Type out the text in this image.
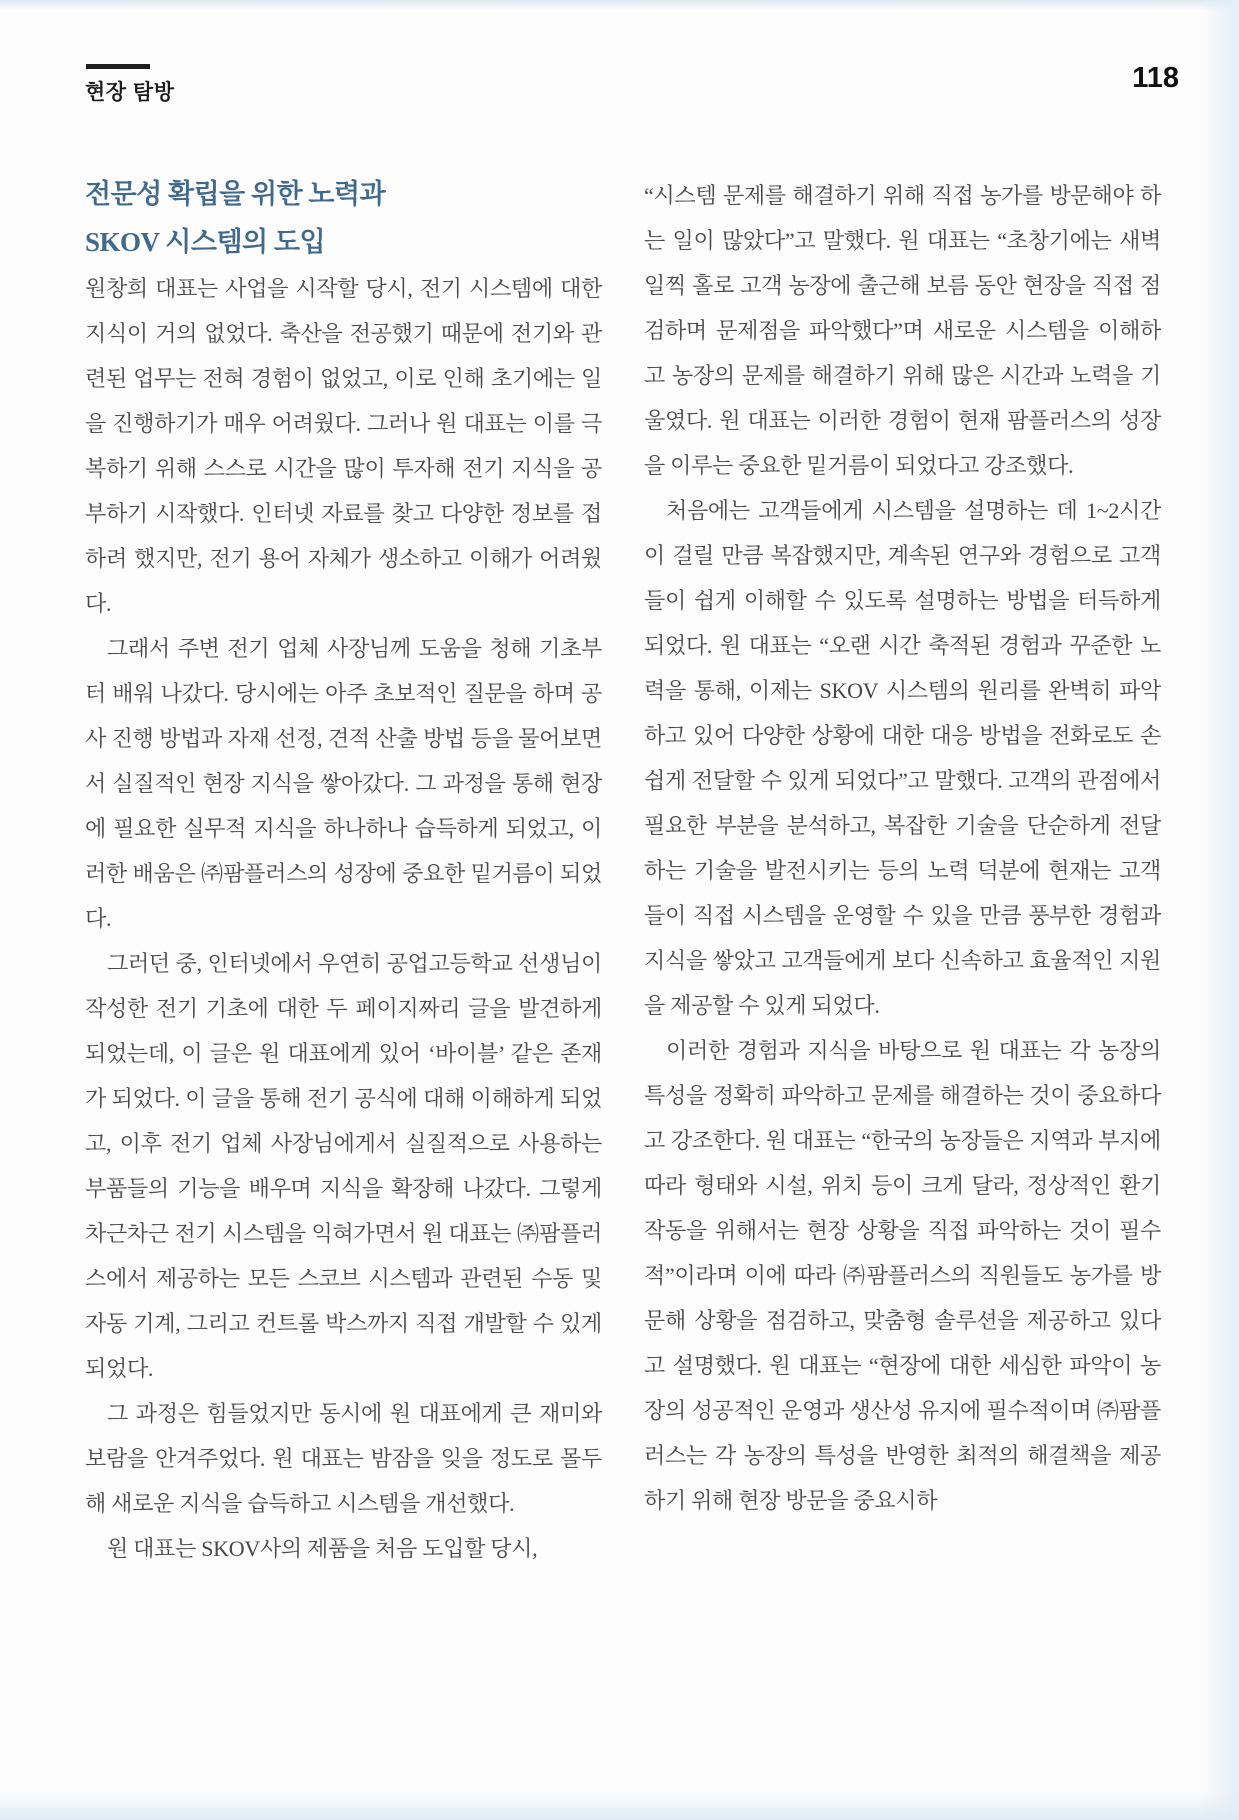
현장 탐방	118
전문성 확립을 위한 노력과
SKOV 시스템의 도입

원창희 대표는 사업을 시작할 당시, 전기 시스템에 대한 지식이 거의 없었다. 축산을 전공했기 때문에 전기와 관련된 업무는 전혀 경험이 없었고, 이로 인해 초기에는 일을 진행하기가 매우 어려웠다. 그러나 원 대표는 이를 극복하기 위해 스스로 시간을 많이 투자해 전기 지식을 공부하기 시작했다. 인터넷 자료를 찾고 다양한 정보를 접하려 했지만, 전기 용어 자체가 생소하고 이해가 어려웠다.

그래서 주변 전기 업체 사장님께 도움을 청해 기초부터 배워 나갔다. 당시에는 아주 초보적인 질문을 하며 공사 진행 방법과 자재 선정, 견적 산출 방법 등을 물어보면서 실질적인 현장 지식을 쌓아갔다. 그 과정을 통해 현장에 필요한 실무적 지식을 하나하나 습득하게 되었고, 이러한 배움은 ㈜팜플러스의 성장에 중요한 밑거름이 되었다.

그러던 중, 인터넷에서 우연히 공업고등학교 선생님이 작성한 전기 기초에 대한 두 페이지짜리 글을 발견하게 되었는데, 이 글은 원 대표에게 있어 ‘바이블’ 같은 존재가 되었다. 이 글을 통해 전기 공식에 대해 이해하게 되었고, 이후 전기 업체 사장님에게서 실질적으로 사용하는 부품들의 기능을 배우며 지식을 확장해 나갔다. 그렇게 차근차근 전기 시스템을 익혀가면서 원 대표는 ㈜팜플러스에서 제공하는 모든 스코브 시스템과 관련된 수동 및 자동 기계, 그리고 컨트롤 박스까지 직접 개발할 수 있게 되었다.

그 과정은 힘들었지만 동시에 원 대표에게 큰 재미와 보람을 안겨주었다. 원 대표는 밤잠을 잊을 정도로 몰두해 새로운 지식을 습득하고 시스템을 개선했다.

원 대표는 SKOV사의 제품을 처음 도입할 당시,

“시스템 문제를 해결하기 위해 직접 농가를 방문해야 하는 일이 많았다”고 말했다. 원 대표는 “초창기에는 새벽 일찍 홀로 고객 농장에 출근해 보름 동안 현장을 직접 점검하며 문제점을 파악했다”며 새로운 시스템을 이해하고 농장의 문제를 해결하기 위해 많은 시간과 노력을 기울였다. 원 대표는 이러한 경험이 현재 팜플러스의 성장을 이루는 중요한 밑거름이 되었다고 강조했다.

처음에는 고객들에게 시스템을 설명하는 데 1~2시간이 걸릴 만큼 복잡했지만, 계속된 연구와 경험으로 고객들이 쉽게 이해할 수 있도록 설명하는 방법을 터득하게 되었다. 원 대표는 “오랜 시간 축적된 경험과 꾸준한 노력을 통해, 이제는 SKOV 시스템의 원리를 완벽히 파악하고 있어 다양한 상황에 대한 대응 방법을 전화로도 손쉽게 전달할 수 있게 되었다”고 말했다. 고객의 관점에서 필요한 부분을 분석하고, 복잡한 기술을 단순하게 전달하는 기술을 발전시키는 등의 노력 덕분에 현재는 고객들이 직접 시스템을 운영할 수 있을 만큼 풍부한 경험과 지식을 쌓았고 고객들에게 보다 신속하고 효율적인 지원을 제공할 수 있게 되었다.

이러한 경험과 지식을 바탕으로 원 대표는 각 농장의 특성을 정확히 파악하고 문제를 해결하는 것이 중요하다고 강조한다. 원 대표는 “한국의 농장들은 지역과 부지에 따라 형태와 시설, 위치 등이 크게 달라, 정상적인 환기 작동을 위해서는 현장 상황을 직접 파악하는 것이 필수적”이라며 이에 따라 ㈜팜플러스의 직원들도 농가를 방문해 상황을 점검하고, 맞춤형 솔루션을 제공하고 있다고 설명했다. 원 대표는 “현장에 대한 세심한 파악이 농장의 성공적인 운영과 생산성 유지에 필수적이며 ㈜팜플러스는 각 농장의 특성을 반영한 최적의 해결책을 제공하기 위해 현장 방문을 중요시하
